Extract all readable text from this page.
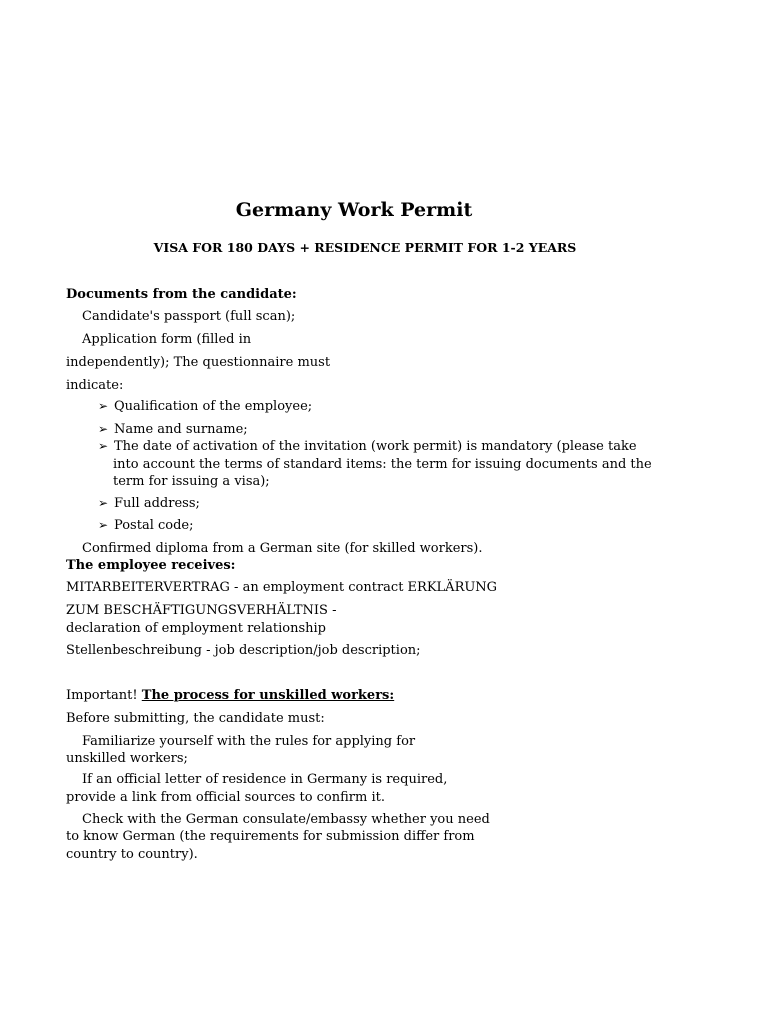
Germany Work Permit
VISA FOR 180 DAYS + RESIDENCE PERMIT FOR 1-2 YEARS
Documents from the candidate:
Candidate's passport (full scan);
Application form (filled in
independently); The questionnaire must
indicate:
➢ Qualification of the employee;
➢ Name and surname;
➢ The date of activation of the invitation (work permit) is mandatory (please take
into account the terms of standard items: the term for issuing documents and the
term for issuing a visa);
➢ Full address;
➢ Postal code;
Confirmed diploma from a German site (for skilled workers).
The employee receives:
MITARBEITERVERTRAG - an employment contract ERKLÄRUNG
ZUM BESCHÄFTIGUNGSVERHÄLTNIS -
declaration of employment relationship
Stellenbeschreibung - job description/job description;
Important! The process for unskilled workers:
Before submitting, the candidate must:
Familiarize yourself with the rules for applying for
unskilled workers;
If an official letter of residence in Germany is required,
provide a link from official sources to confirm it.
Check with the German consulate/embassy whether you need
to know German (the requirements for submission differ from
country to country).
